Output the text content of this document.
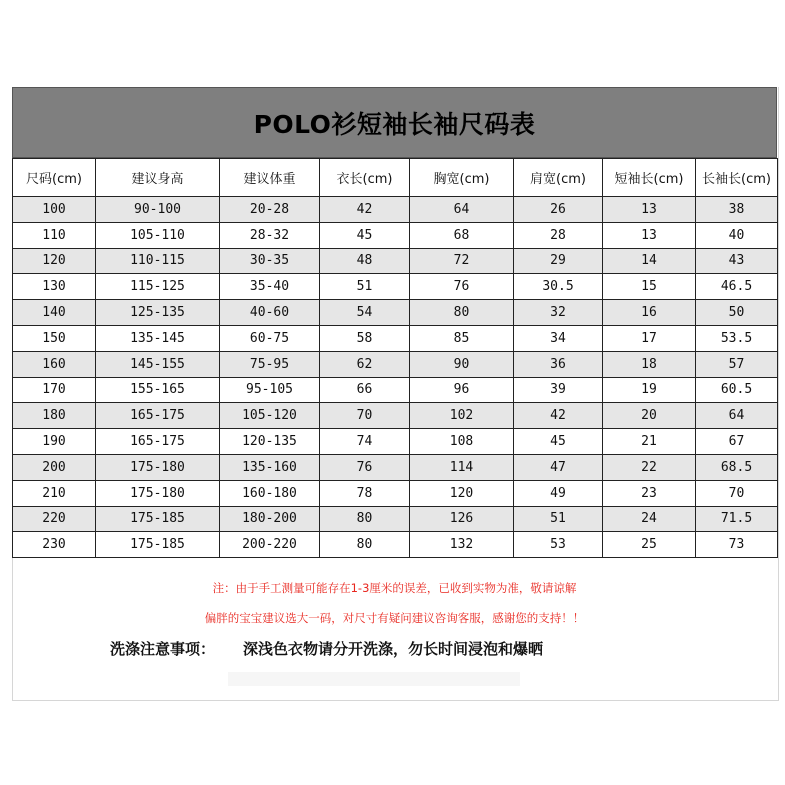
POLO衫短袖长袖尺码表
尺码(cm)	建议身高	建议体重	衣长(cm)	胸宽(cm)	肩宽(cm)	短袖长(cm)	长袖长(cm)
100	90-100	20-28	42	64	26	13	38
110	105-110	28-32	45	68	28	13	40
120	110-115	30-35	48	72	29	14	43
130	115-125	35-40	51	76	30.5	15	46.5
140	125-135	40-60	54	80	32	16	50
150	135-145	60-75	58	85	34	17	53.5
160	145-155	75-95	62	90	36	18	57
170	155-165	95-105	66	96	39	19	60.5
180	165-175	105-120	70	102	42	20	64
190	165-175	120-135	74	108	45	21	67
200	175-180	135-160	76	114	47	22	68.5
210	175-180	160-180	78	120	49	23	70
220	175-185	180-200	80	126	51	24	71.5
230	175-185	200-220	80	132	53	25	73
注：由于手工测量可能存在1-3厘米的误差，已收到实物为准，敬请谅解
偏胖的宝宝建议选大一码，对尺寸有疑问建议咨询客服，感谢您的支持！！
洗涤注意事项： 深浅色衣物请分开洗涤，勿长时间浸泡和爆晒
